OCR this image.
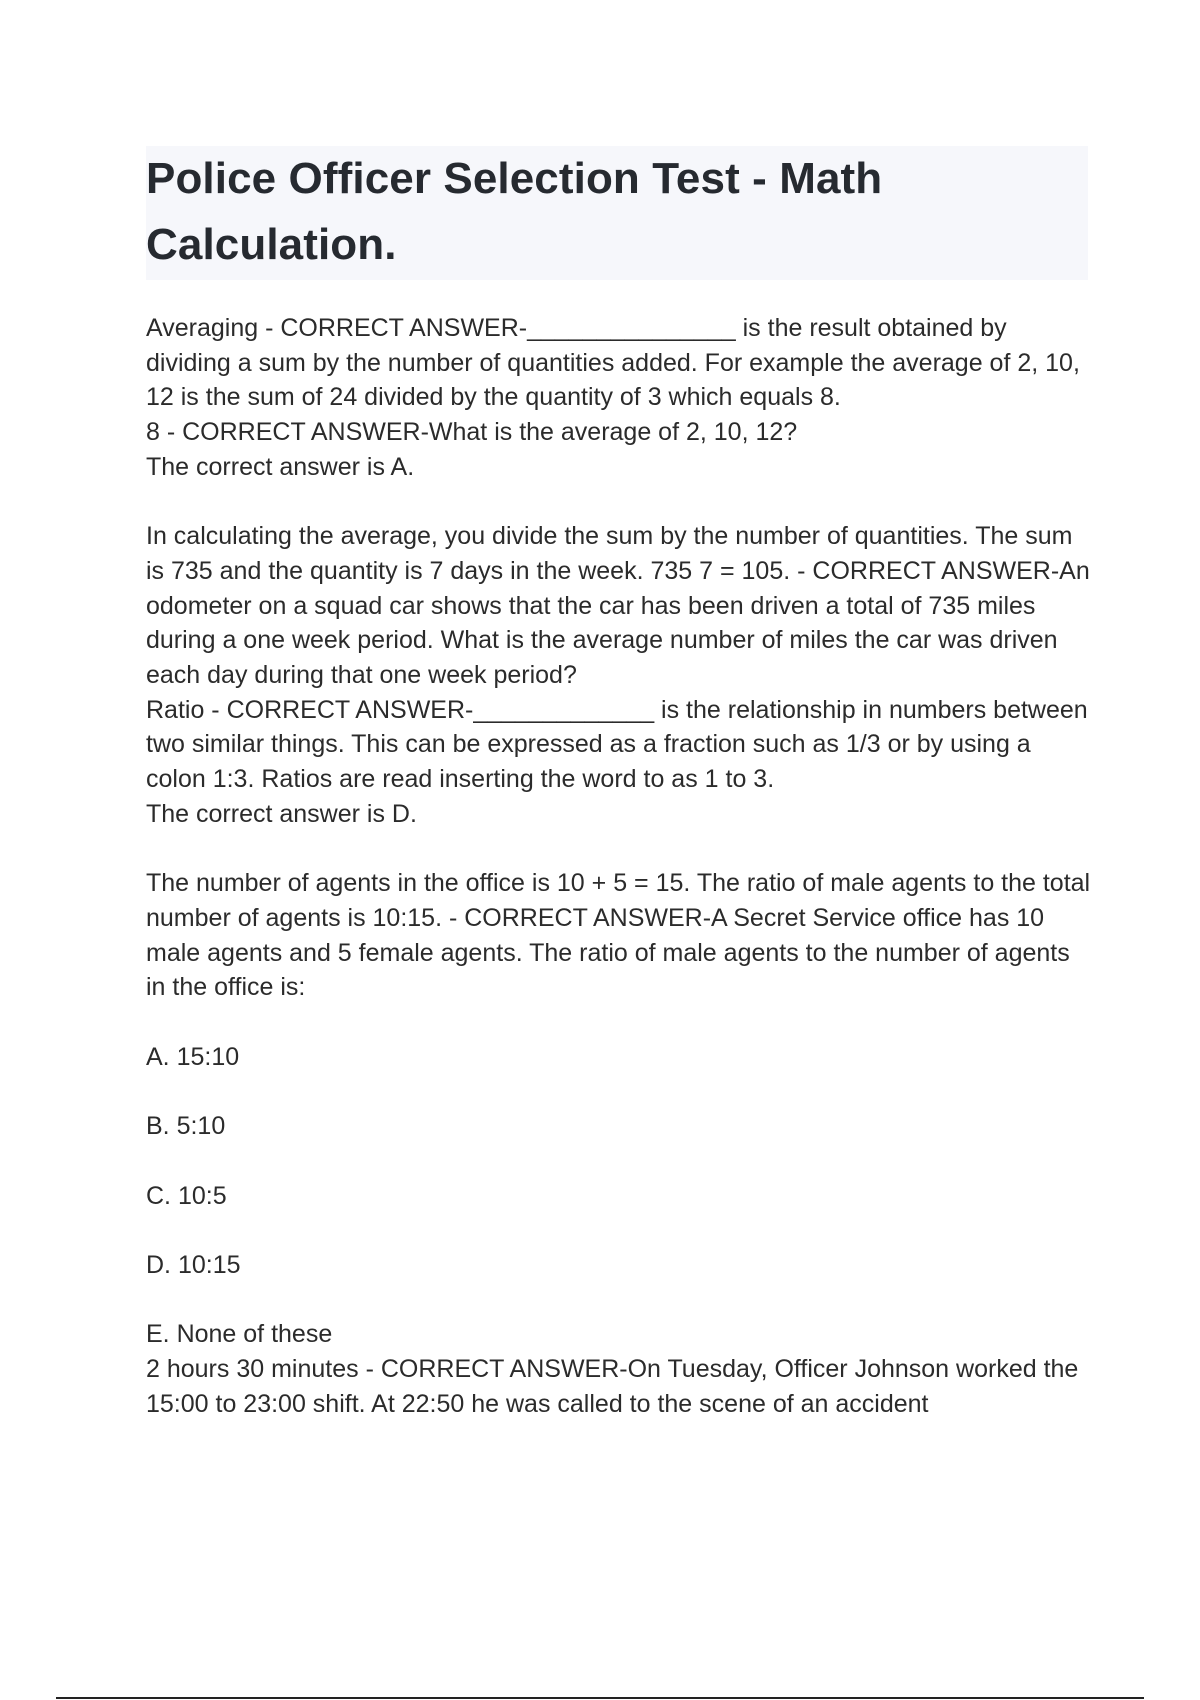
Police Officer Selection Test - Math Calculation.

Averaging - CORRECT ANSWER-_______________ is the result obtained by dividing a sum by the number of quantities added. For example the average of 2, 10, 12 is the sum of 24 divided by the quantity of 3 which equals 8.
8 - CORRECT ANSWER-What is the average of 2, 10, 12?
The correct answer is A.

In calculating the average, you divide the sum by the number of quantities. The sum is 735 and the quantity is 7 days in the week. 735 7 = 105. - CORRECT ANSWER-An odometer on a squad car shows that the car has been driven a total of 735 miles during a one week period. What is the average number of miles the car was driven each day during that one week period?
Ratio - CORRECT ANSWER-_____________ is the relationship in numbers between two similar things. This can be expressed as a fraction such as 1/3 or by using a colon 1:3. Ratios are read inserting the word to as 1 to 3.
The correct answer is D.

The number of agents in the office is 10 + 5 = 15. The ratio of male agents to the total number of agents is 10:15. - CORRECT ANSWER-A Secret Service office has 10 male agents and 5 female agents. The ratio of male agents to the number of agents in the office is:

A. 15:10

B. 5:10

C. 10:5

D. 10:15

E. None of these

2 hours 30 minutes - CORRECT ANSWER-On Tuesday, Officer Johnson worked the 15:00 to 23:00 shift. At 22:50 he was called to the scene of an accident
